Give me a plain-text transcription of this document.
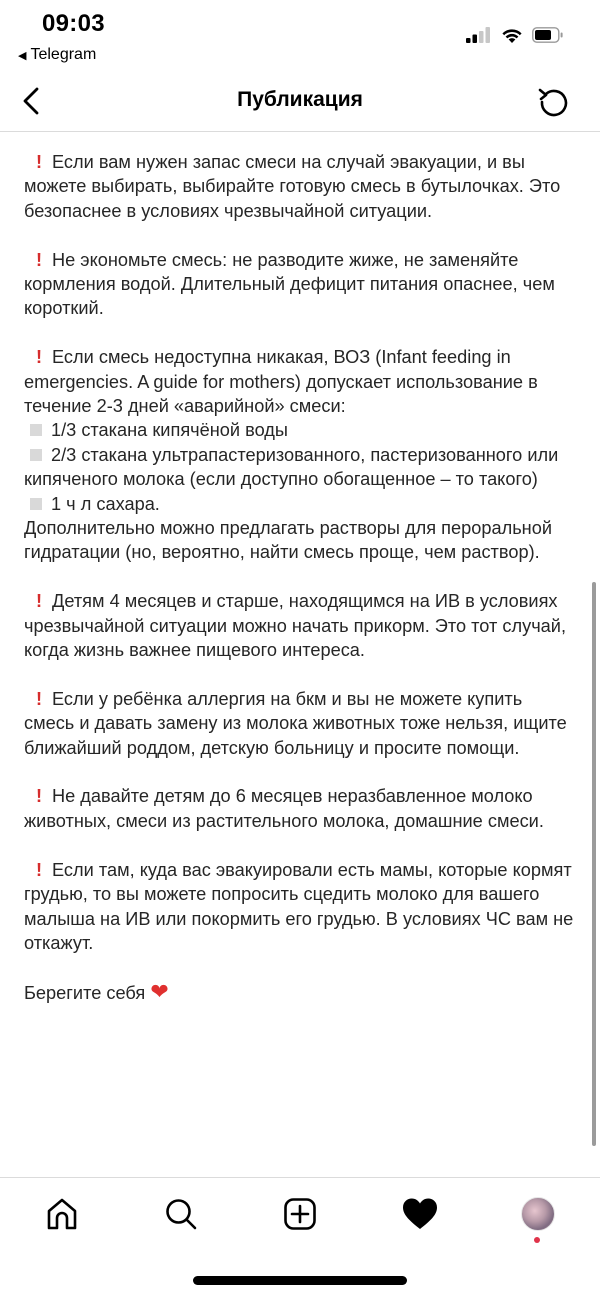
09:03
◀ Telegram
Публикация
! Если вам нужен запас смеси на случай эвакуации, и вы можете выбирать, выбирайте готовую смесь в бутылочках. Это безопаснее в условиях чрезвычайной ситуации.
! Не экономьте смесь: не разводите жиже, не заменяйте кормления водой. Длительный дефицит питания опаснее, чем короткий.
! Если смесь недоступна никакая, ВОЗ (Infant feeding in emergencies. A guide for mothers) допускает использование в течение 2-3 дней «аварийной» смеси:
1/3 стакана кипячёной воды
2/3 стакана ультрапастеризованного, пастеризованного или кипяченого молока (если доступно обогащенное – то такого)
1 ч л сахара.
Дополнительно можно предлагать растворы для пероральной гидратации (но, вероятно, найти смесь проще, чем раствор).
! Детям 4 месяцев и старше, находящимся на ИВ в условиях чрезвычайной ситуации можно начать прикорм. Это тот случай, когда жизнь важнее пищевого интереса.
! Если у ребёнка аллергия на бкм и вы не можете купить смесь и давать замену из молока животных тоже нельзя, ищите ближайший роддом, детскую больницу и просите помощи.
! Не давайте детям до 6 месяцев неразбавленное молоко животных, смеси из растительного молока, домашние смеси.
! Если там, куда вас эвакуировали есть мамы, которые кормят грудью, то вы можете попросить сцедить молоко для вашего малыша на ИВ или покормить его грудью. В условиях ЧС вам не откажут.
Берегите себя ❤
